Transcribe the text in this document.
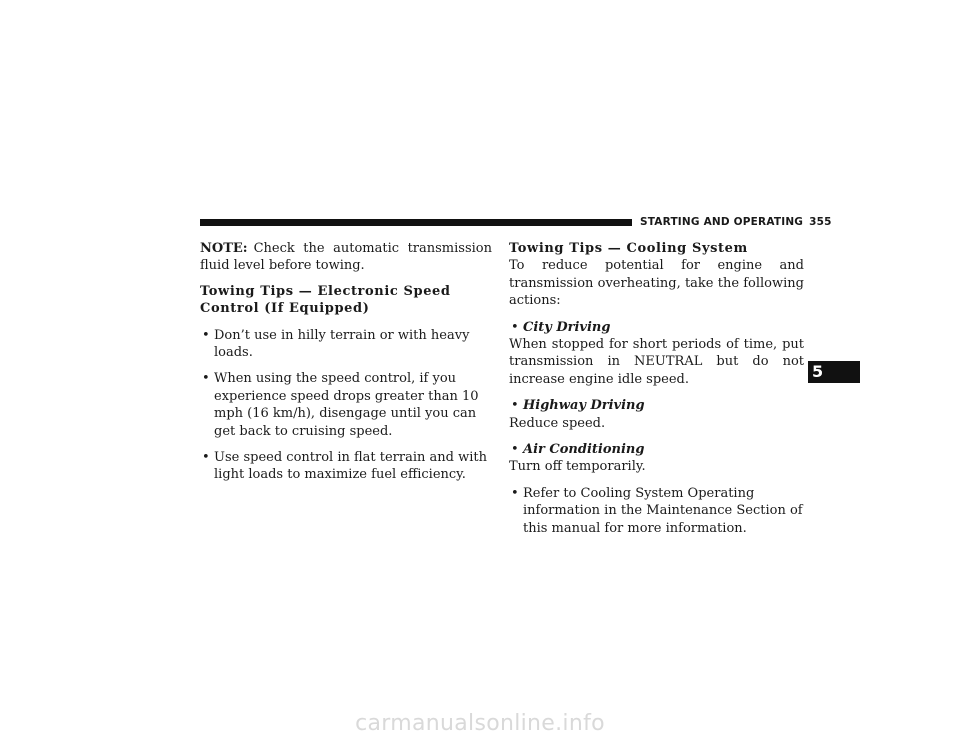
STARTING AND OPERATING 355

NOTE: Check the automatic transmission fluid level before towing.

Towing Tips — Electronic Speed Control (If Equipped)

• Don’t use in hilly terrain or with heavy loads.

• When using the speed control, if you experience speed drops greater than 10 mph (16 km/h), disengage until you can get back to cruising speed.

• Use speed control in flat terrain and with light loads to maximize fuel efficiency.

Towing Tips — Cooling System

To reduce potential for engine and transmission overheating, take the following actions:

• City Driving

When stopped for short periods of time, put transmission in NEUTRAL but do not increase engine idle speed.

• Highway Driving

Reduce speed.

• Air Conditioning

Turn off temporarily.

• Refer to Cooling System Operating information in the Maintenance Section of this manual for more information.

5
carmanualsonline.info
